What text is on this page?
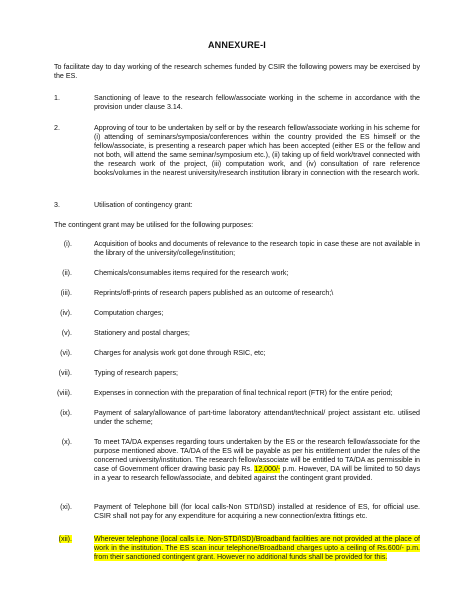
ANNEXURE-I
To facilitate day to day working of the research schemes funded by CSIR the following powers may be exercised by the ES.
1.	Sanctioning of leave to the research fellow/associate working in the scheme in accordance with the provision under clause 3.14.
2.	Approving of tour to be undertaken by self or by the research fellow/associate working in his scheme for (i) attending of seminars/symposia/conferences within the country provided the ES himself or the fellow/associate, is presenting a research paper which has been accepted (either ES or the fellow and not both, will attend the same seminar/symposium etc.), (ii) taking up of field work/travel connected with the research work of the project, (iii) computation work, and (iv) consultation of rare reference books/volumes in the nearest university/research institution library in connection with the research work.
3.	Utilisation of contingency grant:
The contingent grant may be utilised for the following purposes:
(i).	Acquisition of books and documents of relevance to the research topic in case these are not available in the library of the university/college/institution;
(ii).	Chemicals/consumables items required for the research work;
(iii).	Reprints/off-prints of research papers published as an outcome of research;\
(iv).	Computation charges;
(v).	Stationery and postal charges;
(vi).	Charges for analysis work got done through RSIC, etc;
(vii).	Typing of research papers;
(viii).	Expenses in connection with the preparation of final technical report (FTR) for the entire period;
(ix).	Payment of salary/allowance of part-time laboratory attendant/technical/ project assistant etc. utilised under the scheme;
(x).	To meet TA/DA expenses regarding tours undertaken by the ES or the research fellow/associate for the purpose mentioned above. TA/DA of the ES will be payable as per his entitlement under the rules of the concerned university/institution. The research fellow/associate will be entitled to TA/DA as permissible in case of Government officer drawing basic pay Rs. 12,000/- p.m. However, DA will be limited to 50 days in a year to research fellow/associate, and debited against the contingent grant provided.
(xi).	Payment of Telephone bill (for local calls-Non STD/ISD) installed at residence of ES, for official use. CSIR shall not pay for any expenditure for acquiring a new connection/extra fittings etc.
(xii).	Wherever telephone (local calls i.e. Non-STD/ISD)/Broadband facilities are not provided at the place of work in the institution. The ES scan incur telephone/Broadband charges upto a ceiling of Rs.600/- p.m. from their sanctioned contingent grant. However no additional funds shall be provided for this.
